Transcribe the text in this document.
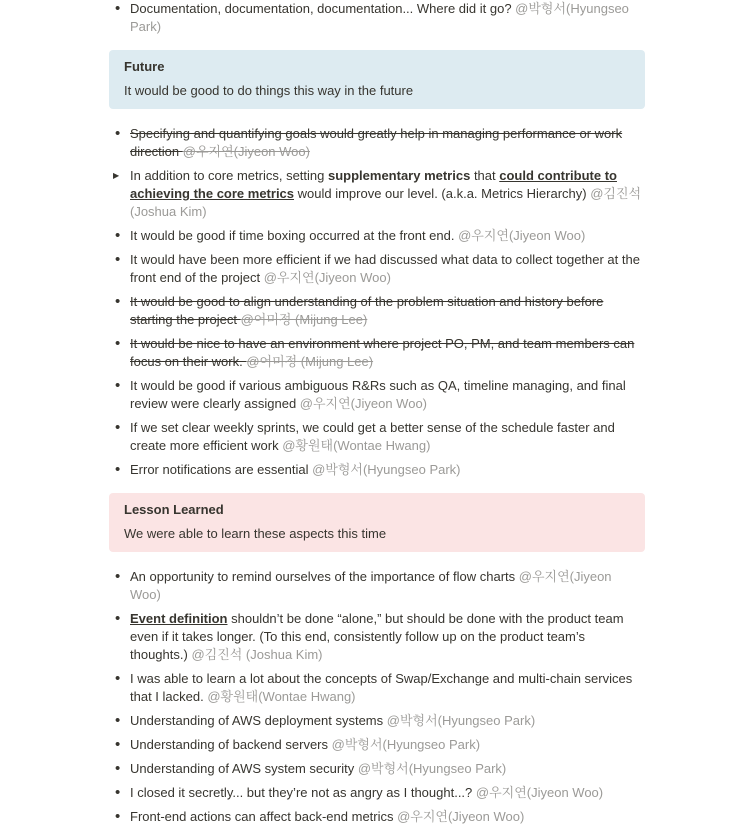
• Documentation, documentation, documentation... Where did it go? @박형서(Hyungseo Park)
Future
It would be good to do things this way in the future
• Specifying and quantifying goals would greatly help in managing performance or work direction @우지연(Jiyeon Woo)
▶ In addition to core metrics, setting supplementary metrics that could contribute to achieving the core metrics would improve our level. (a.k.a. Metrics Hierarchy) @김진석 (Joshua Kim)
• It would be good if time boxing occurred at the front end. @우지연(Jiyeon Woo)
• It would have been more efficient if we had discussed what data to collect together at the front end of the project @우지연(Jiyeon Woo)
• It would be good to align understanding of the problem situation and history before starting the project @어미정 (Mijung Lee)
• It would be nice to have an environment where project PO, PM, and team members can focus on their work. @어미정 (Mijung Lee)
• It would be good if various ambiguous R&Rs such as QA, timeline managing, and final review were clearly assigned @우지연(Jiyeon Woo)
• If we set clear weekly sprints, we could get a better sense of the schedule faster and create more efficient work @황원태(Wontae Hwang)
• Error notifications are essential @박형서(Hyungseo Park)
Lesson Learned
We were able to learn these aspects this time
• An opportunity to remind ourselves of the importance of flow charts @우지연(Jiyeon Woo)
• Event definition shouldn’t be done “alone,” but should be done with the product team even if it takes longer. (To this end, consistently follow up on the product team’s thoughts.) @김진석 (Joshua Kim)
• I was able to learn a lot about the concepts of Swap/Exchange and multi-chain services that I lacked. @황원태(Wontae Hwang)
• Understanding of AWS deployment systems @박형서(Hyungseo Park)
• Understanding of backend servers @박형서(Hyungseo Park)
• Understanding of AWS system security @박형서(Hyungseo Park)
• I closed it secretly... but they’re not as angry as I thought...? @우지연(Jiyeon Woo)
• Front-end actions can affect back-end metrics @우지연(Jiyeon Woo)
